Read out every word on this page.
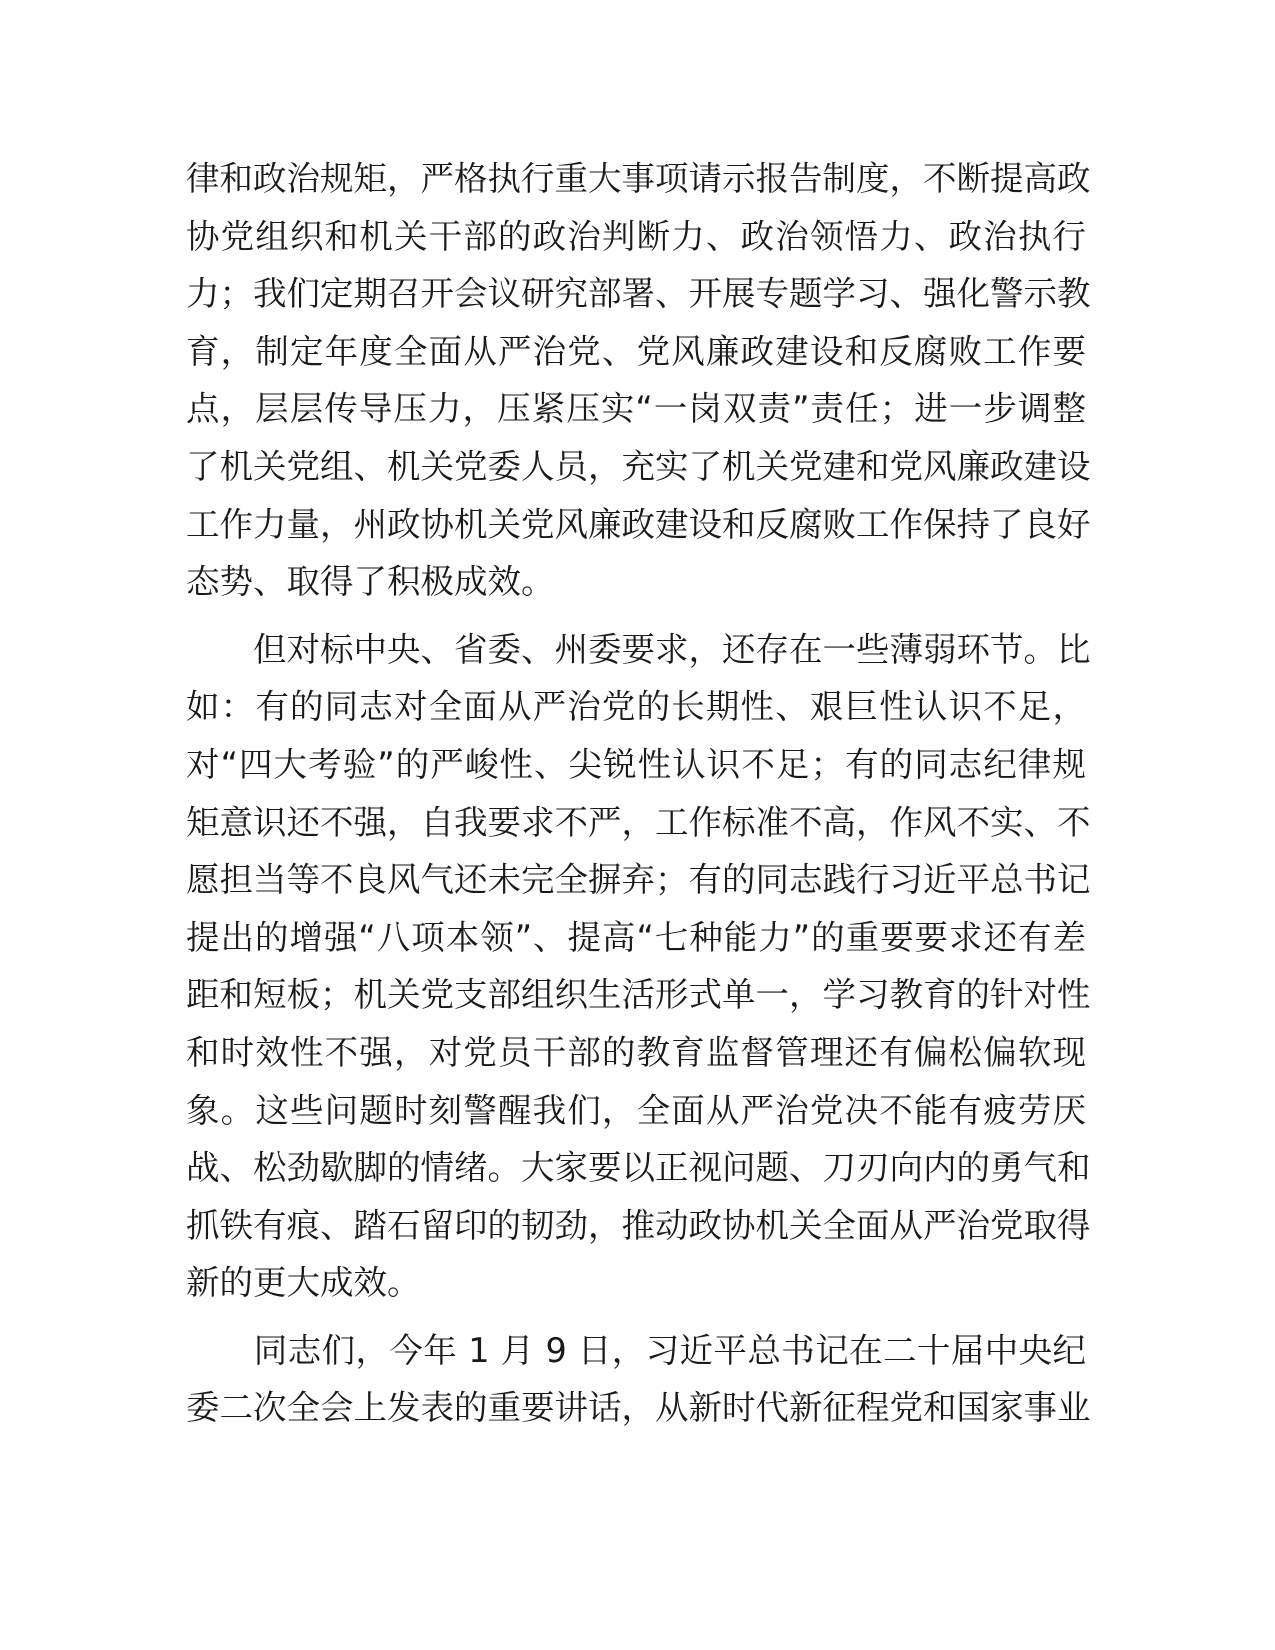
律和政治规矩，严格执行重大事项请示报告制度，不断提高政
协党组织和机关干部的政治判断力、政治领悟力、政治执行
力；我们定期召开会议研究部署、开展专题学习、强化警示教
育，制定年度全面从严治党、党风廉政建设和反腐败工作要
点，层层传导压力，压紧压实“一岗双责”责任；进一步调整
了机关党组、机关党委人员，充实了机关党建和党风廉政建设
工作力量，州政协机关党风廉政建设和反腐败工作保持了良好
态势、取得了积极成效。
　　但对标中央、省委、州委要求，还存在一些薄弱环节。比
如：有的同志对全面从严治党的长期性、艰巨性认识不足，
对“四大考验”的严峻性、尖锐性认识不足；有的同志纪律规
矩意识还不强，自我要求不严，工作标准不高，作风不实、不
愿担当等不良风气还未完全摒弃；有的同志践行习近平总书记
提出的增强“八项本领”、提高“七种能力”的重要要求还有差
距和短板；机关党支部组织生活形式单一，学习教育的针对性
和时效性不强，对党员干部的教育监督管理还有偏松偏软现
象。这些问题时刻警醒我们，全面从严治党决不能有疲劳厌
战、松劲歇脚的情绪。大家要以正视问题、刀刃向内的勇气和
抓铁有痕、踏石留印的韧劲，推动政协机关全面从严治党取得
新的更大成效。
　　同志们，今年 1 月 9 日，习近平总书记在二十届中央纪
委二次全会上发表的重要讲话，从新时代新征程党和国家事业
